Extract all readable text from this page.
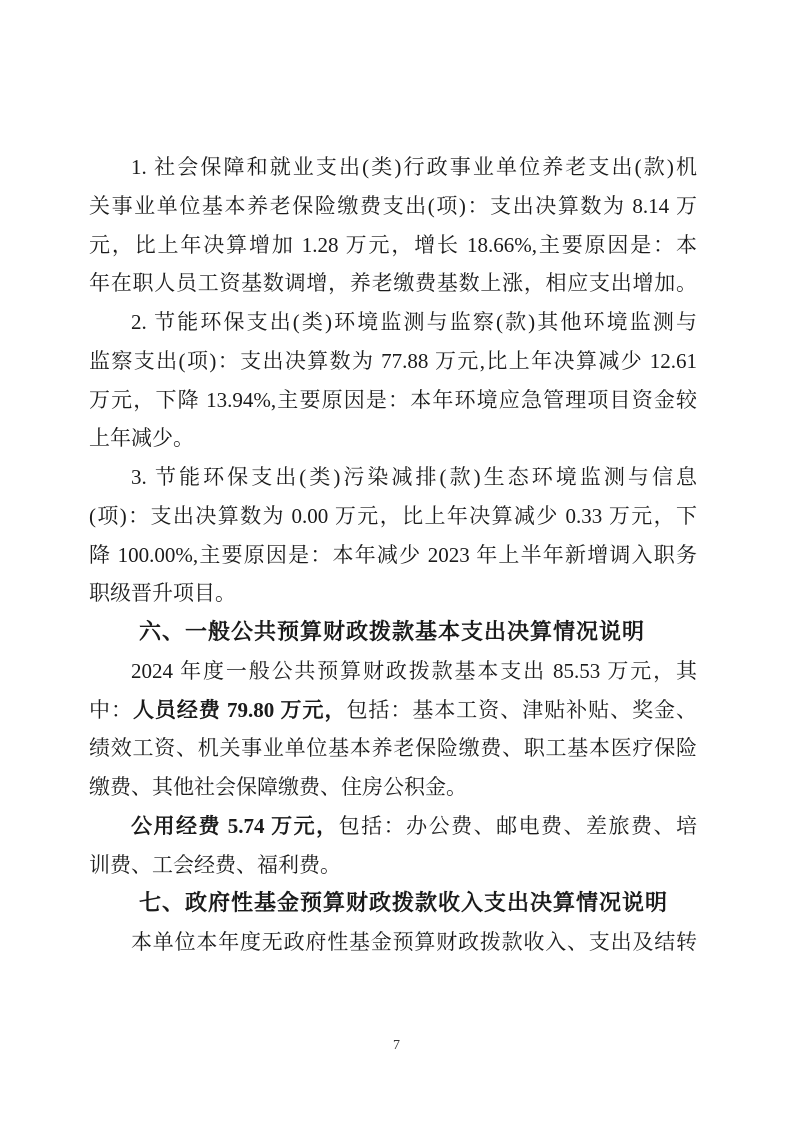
1. 社会保障和就业支出(类)行政事业单位养老支出(款)机
关事业单位基本养老保险缴费支出(项)：支出决算数为 8.14 万
元，比上年决算增加 1.28 万元，增长 18.66%,主要原因是：本
年在职人员工资基数调增，养老缴费基数上涨，相应支出增加。
2. 节能环保支出(类)环境监测与监察(款)其他环境监测与
监察支出(项)：支出决算数为 77.88 万元,比上年决算减少 12.61
万元，下降 13.94%,主要原因是：本年环境应急管理项目资金较
上年减少。
3. 节能环保支出(类)污染减排(款)生态环境监测与信息
(项)：支出决算数为 0.00 万元，比上年决算减少 0.33 万元，下
降 100.00%,主要原因是：本年减少 2023 年上半年新增调入职务
职级晋升项目。
六、一般公共预算财政拨款基本支出决算情况说明
2024 年度一般公共预算财政拨款基本支出 85.53 万元，其
中：人员经费 79.80 万元，包括：基本工资、津贴补贴、奖金、
绩效工资、机关事业单位基本养老保险缴费、职工基本医疗保险
缴费、其他社会保障缴费、住房公积金。
公用经费 5.74 万元，包括：办公费、邮电费、差旅费、培
训费、工会经费、福利费。
七、政府性基金预算财政拨款收入支出决算情况说明
本单位本年度无政府性基金预算财政拨款收入、支出及结转
7
